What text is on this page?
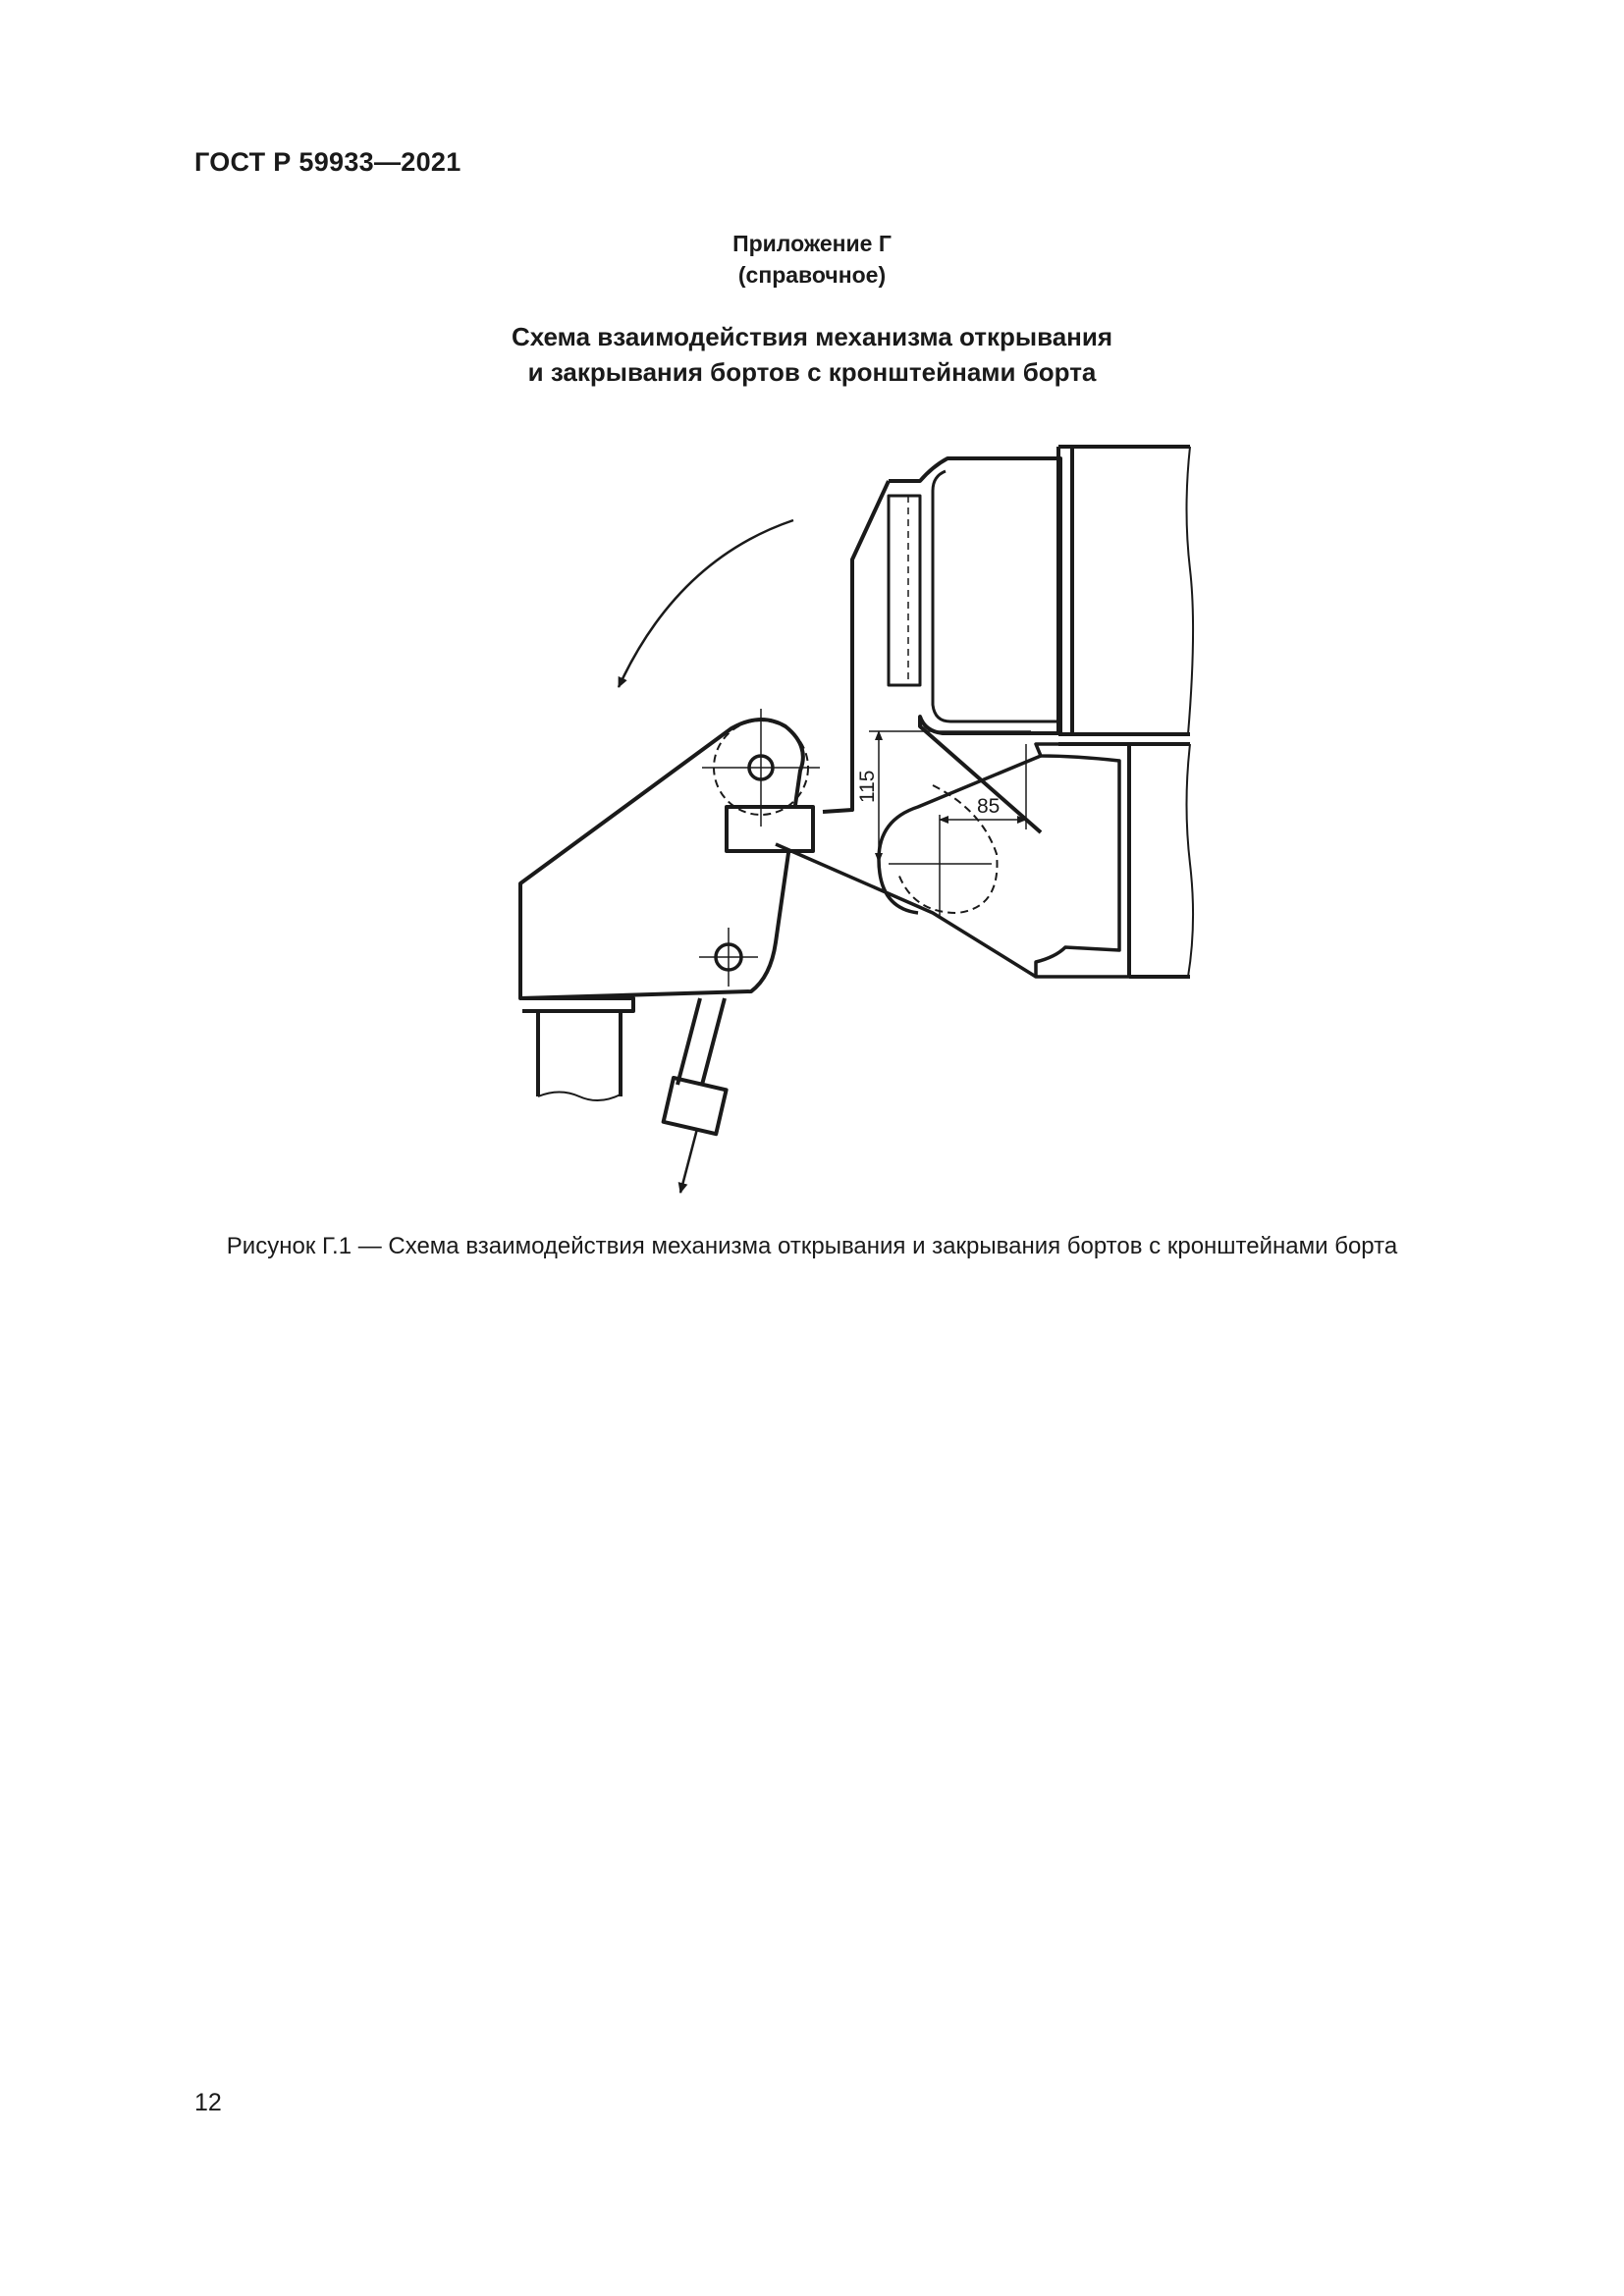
ГОСТ Р 59933—2021
Приложение Г
(справочное)
Схема взаимодействия механизма открывания
и закрывания бортов с кронштейнами борта
115
85
Рисунок Г.1 — Схема взаимодействия механизма открывания и закрывания бортов с кронштейнами борта
12
